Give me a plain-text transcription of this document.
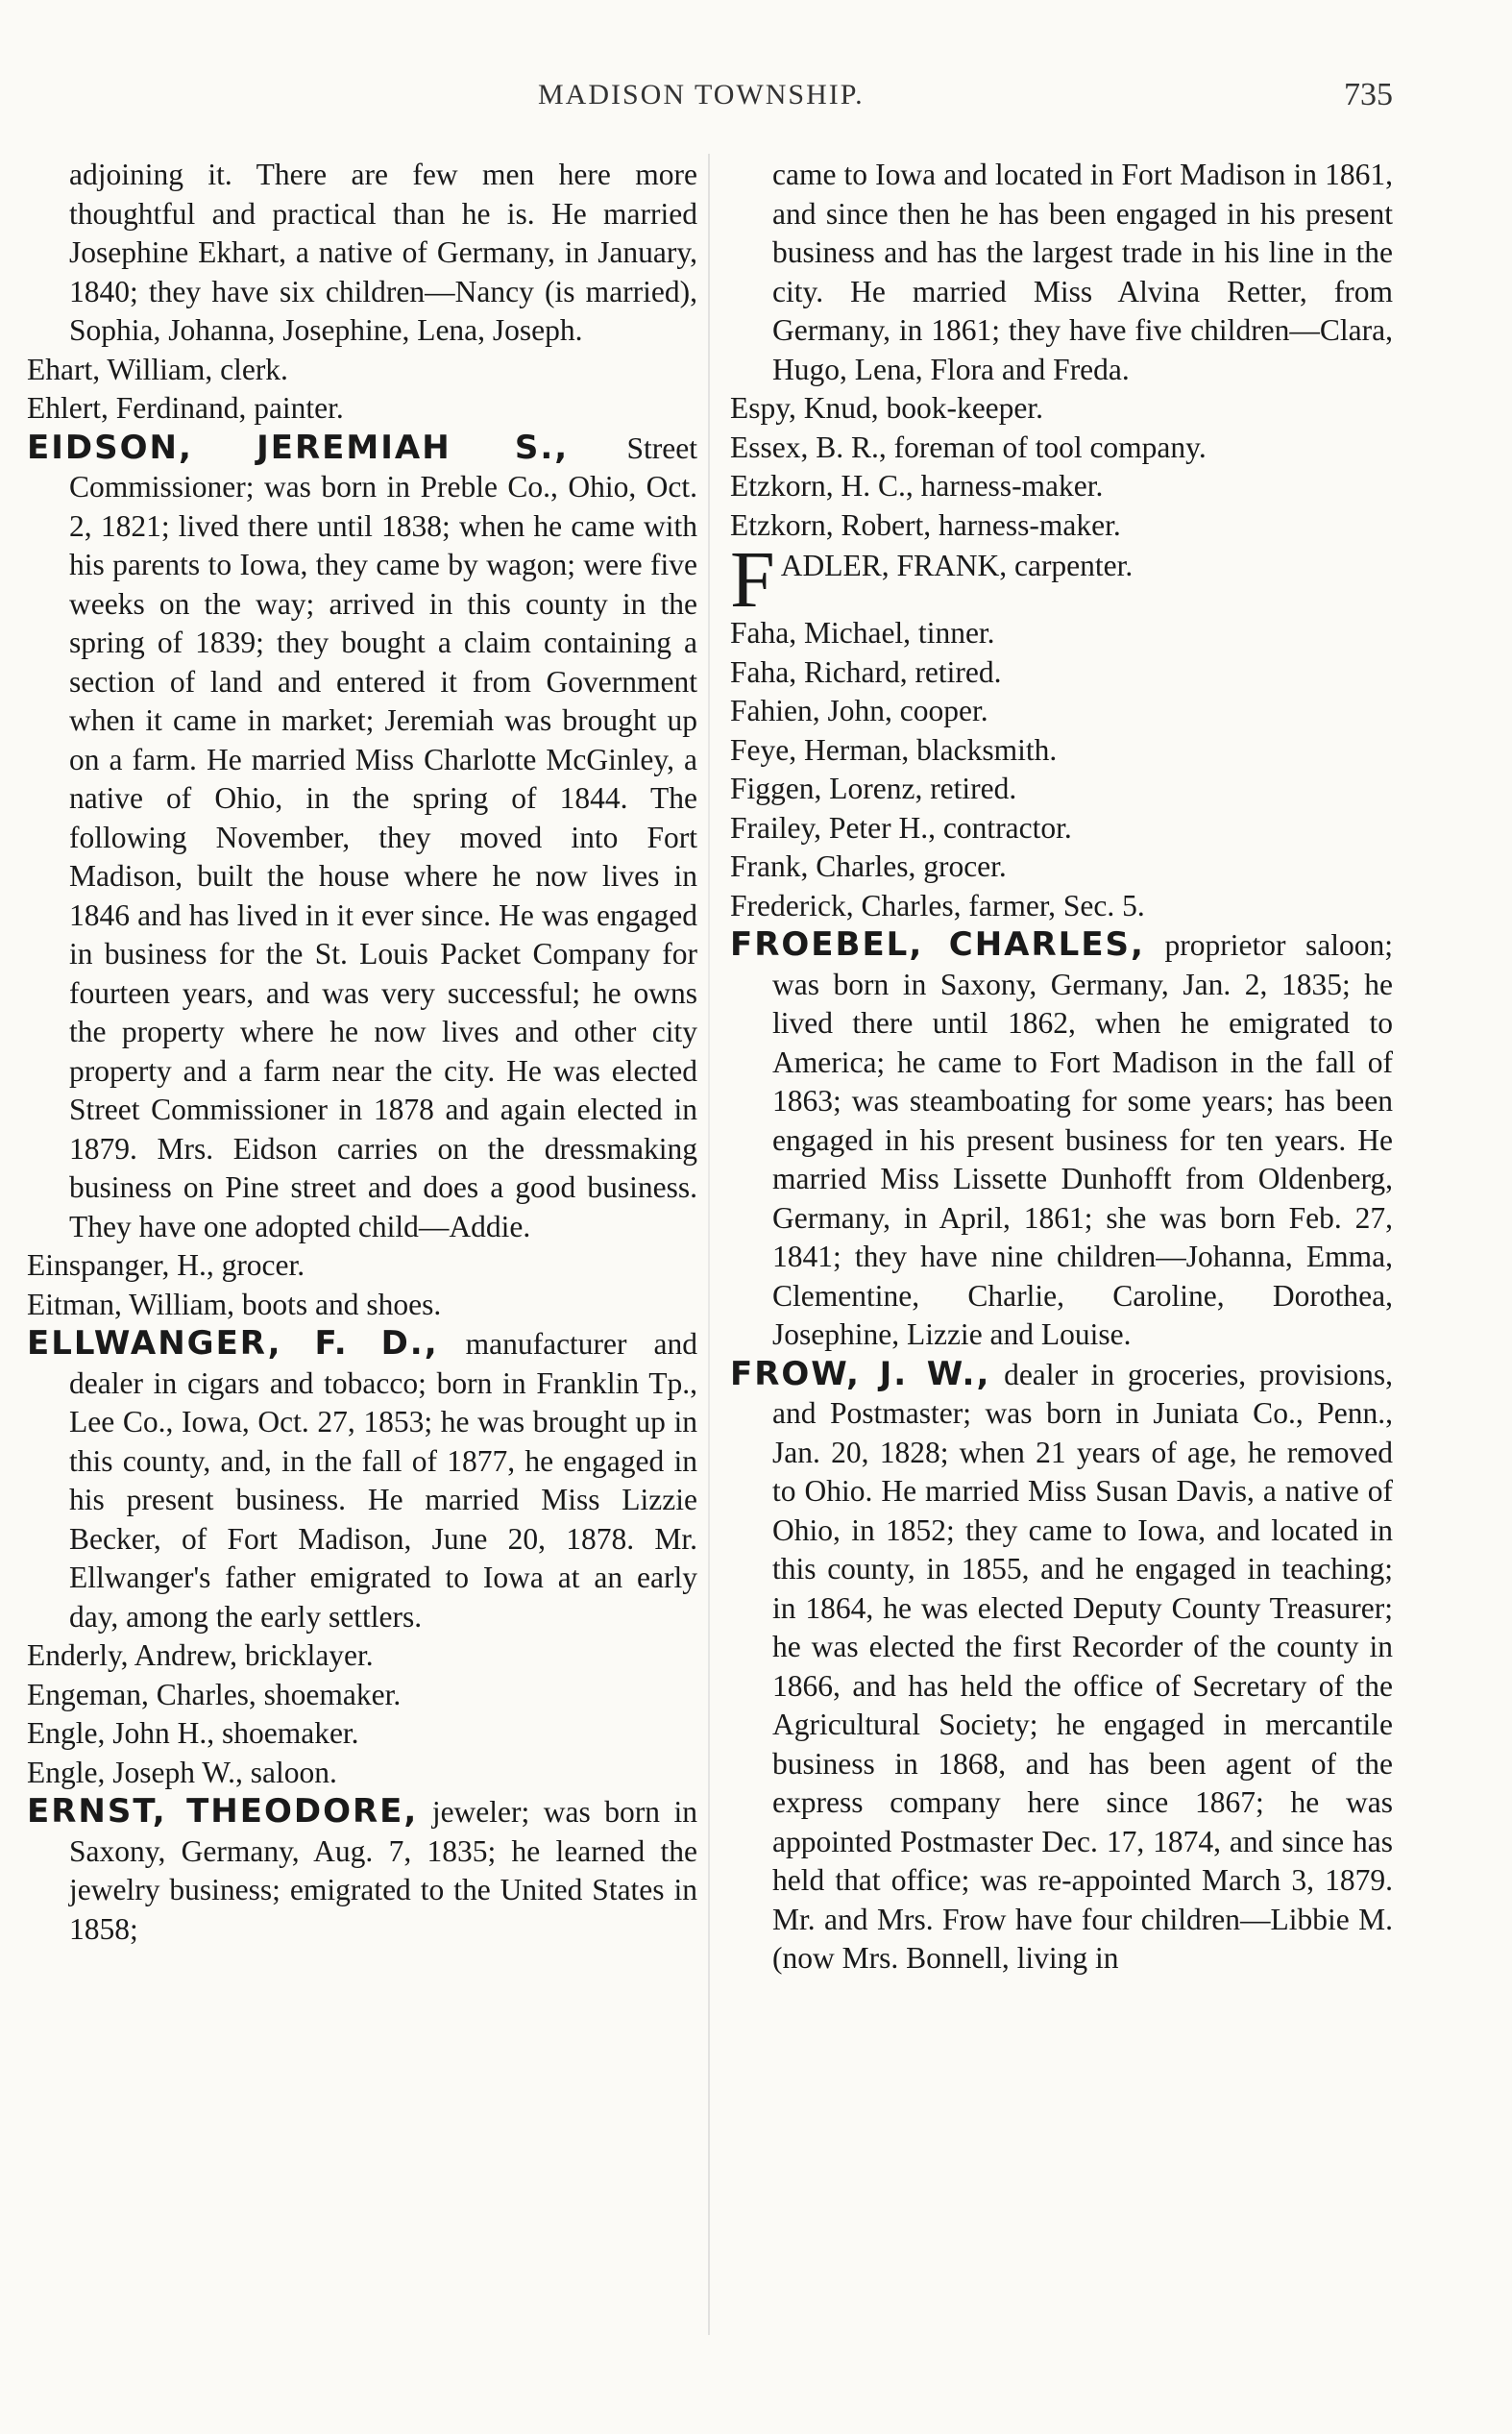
MADISON TOWNSHIP.	735

adjoining it. There are few men here more thoughtful and practical than he is. He married Josephine Ekhart, a native of Germany, in January, 1840; they have six children—Nancy (is married), Sophia, Johanna, Josephine, Lena, Joseph.

Ehart, William, clerk.

Ehlert, Ferdinand, painter.

EIDSON, JEREMIAH S., Street Commissioner; was born in Preble Co., Ohio, Oct. 2, 1821; lived there until 1838; when he came with his parents to Iowa, they came by wagon; were five weeks on the way; arrived in this county in the spring of 1839; they bought a claim containing a section of land and entered it from Government when it came in market; Jeremiah was brought up on a farm. He married Miss Charlotte McGinley, a native of Ohio, in the spring of 1844. The following November, they moved into Fort Madison, built the house where he now lives in 1846 and has lived in it ever since. He was engaged in business for the St. Louis Packet Company for fourteen years, and was very successful; he owns the property where he now lives and other city property and a farm near the city. He was elected Street Commissioner in 1878 and again elected in 1879. Mrs. Eidson carries on the dressmaking business on Pine street and does a good business. They have one adopted child—Addie.

Einspanger, H., grocer.

Eitman, William, boots and shoes.

ELLWANGER, F. D., manufacturer and dealer in cigars and tobacco; born in Franklin Tp., Lee Co., Iowa, Oct. 27, 1853; he was brought up in this county, and, in the fall of 1877, he engaged in his present business. He married Miss Lizzie Becker, of Fort Madison, June 20, 1878. Mr. Ellwanger's father emigrated to Iowa at an early day, among the early settlers.

Enderly, Andrew, bricklayer.

Engeman, Charles, shoemaker.

Engle, John H., shoemaker.

Engle, Joseph W., saloon.

ERNST, THEODORE, jeweler; was born in Saxony, Germany, Aug. 7, 1835; he learned the jewelry business; emigrated to the United States in 1858;

came to Iowa and located in Fort Madison in 1861, and since then he has been engaged in his present business and has the largest trade in his line in the city. He married Miss Alvina Retter, from Germany, in 1861; they have five children—Clara, Hugo, Lena, Flora and Freda.

Espy, Knud, book-keeper.

Essex, B. R., foreman of tool company.

Etzkorn, H. C., harness-maker.

Etzkorn, Robert, harness-maker.

F ADLER, FRANK, carpenter.

Faha, Michael, tinner.

Faha, Richard, retired.

Fahien, John, cooper.

Feye, Herman, blacksmith.

Figgen, Lorenz, retired.

Frailey, Peter H., contractor.

Frank, Charles, grocer.

Frederick, Charles, farmer, Sec. 5.

FROEBEL, CHARLES, proprietor saloon; was born in Saxony, Germany, Jan. 2, 1835; he lived there until 1862, when he emigrated to America; he came to Fort Madison in the fall of 1863; was steamboating for some years; has been engaged in his present business for ten years. He married Miss Lissette Dunhofft from Oldenberg, Germany, in April, 1861; she was born Feb. 27, 1841; they have nine children—Johanna, Emma, Clementine, Charlie, Caroline, Dorothea, Josephine, Lizzie and Louise.

FROW, J. W., dealer in groceries, provisions, and Postmaster; was born in Juniata Co., Penn., Jan. 20, 1828; when 21 years of age, he removed to Ohio. He married Miss Susan Davis, a native of Ohio, in 1852; they came to Iowa, and located in this county, in 1855, and he engaged in teaching; in 1864, he was elected Deputy County Treasurer; he was elected the first Recorder of the county in 1866, and has held the office of Secretary of the Agricultural Society; he engaged in mercantile business in 1868, and has been agent of the express company here since 1867; he was appointed Postmaster Dec. 17, 1874, and since has held that office; was re-appointed March 3, 1879. Mr. and Mrs. Frow have four children—Libbie M. (now Mrs. Bonnell, living in
